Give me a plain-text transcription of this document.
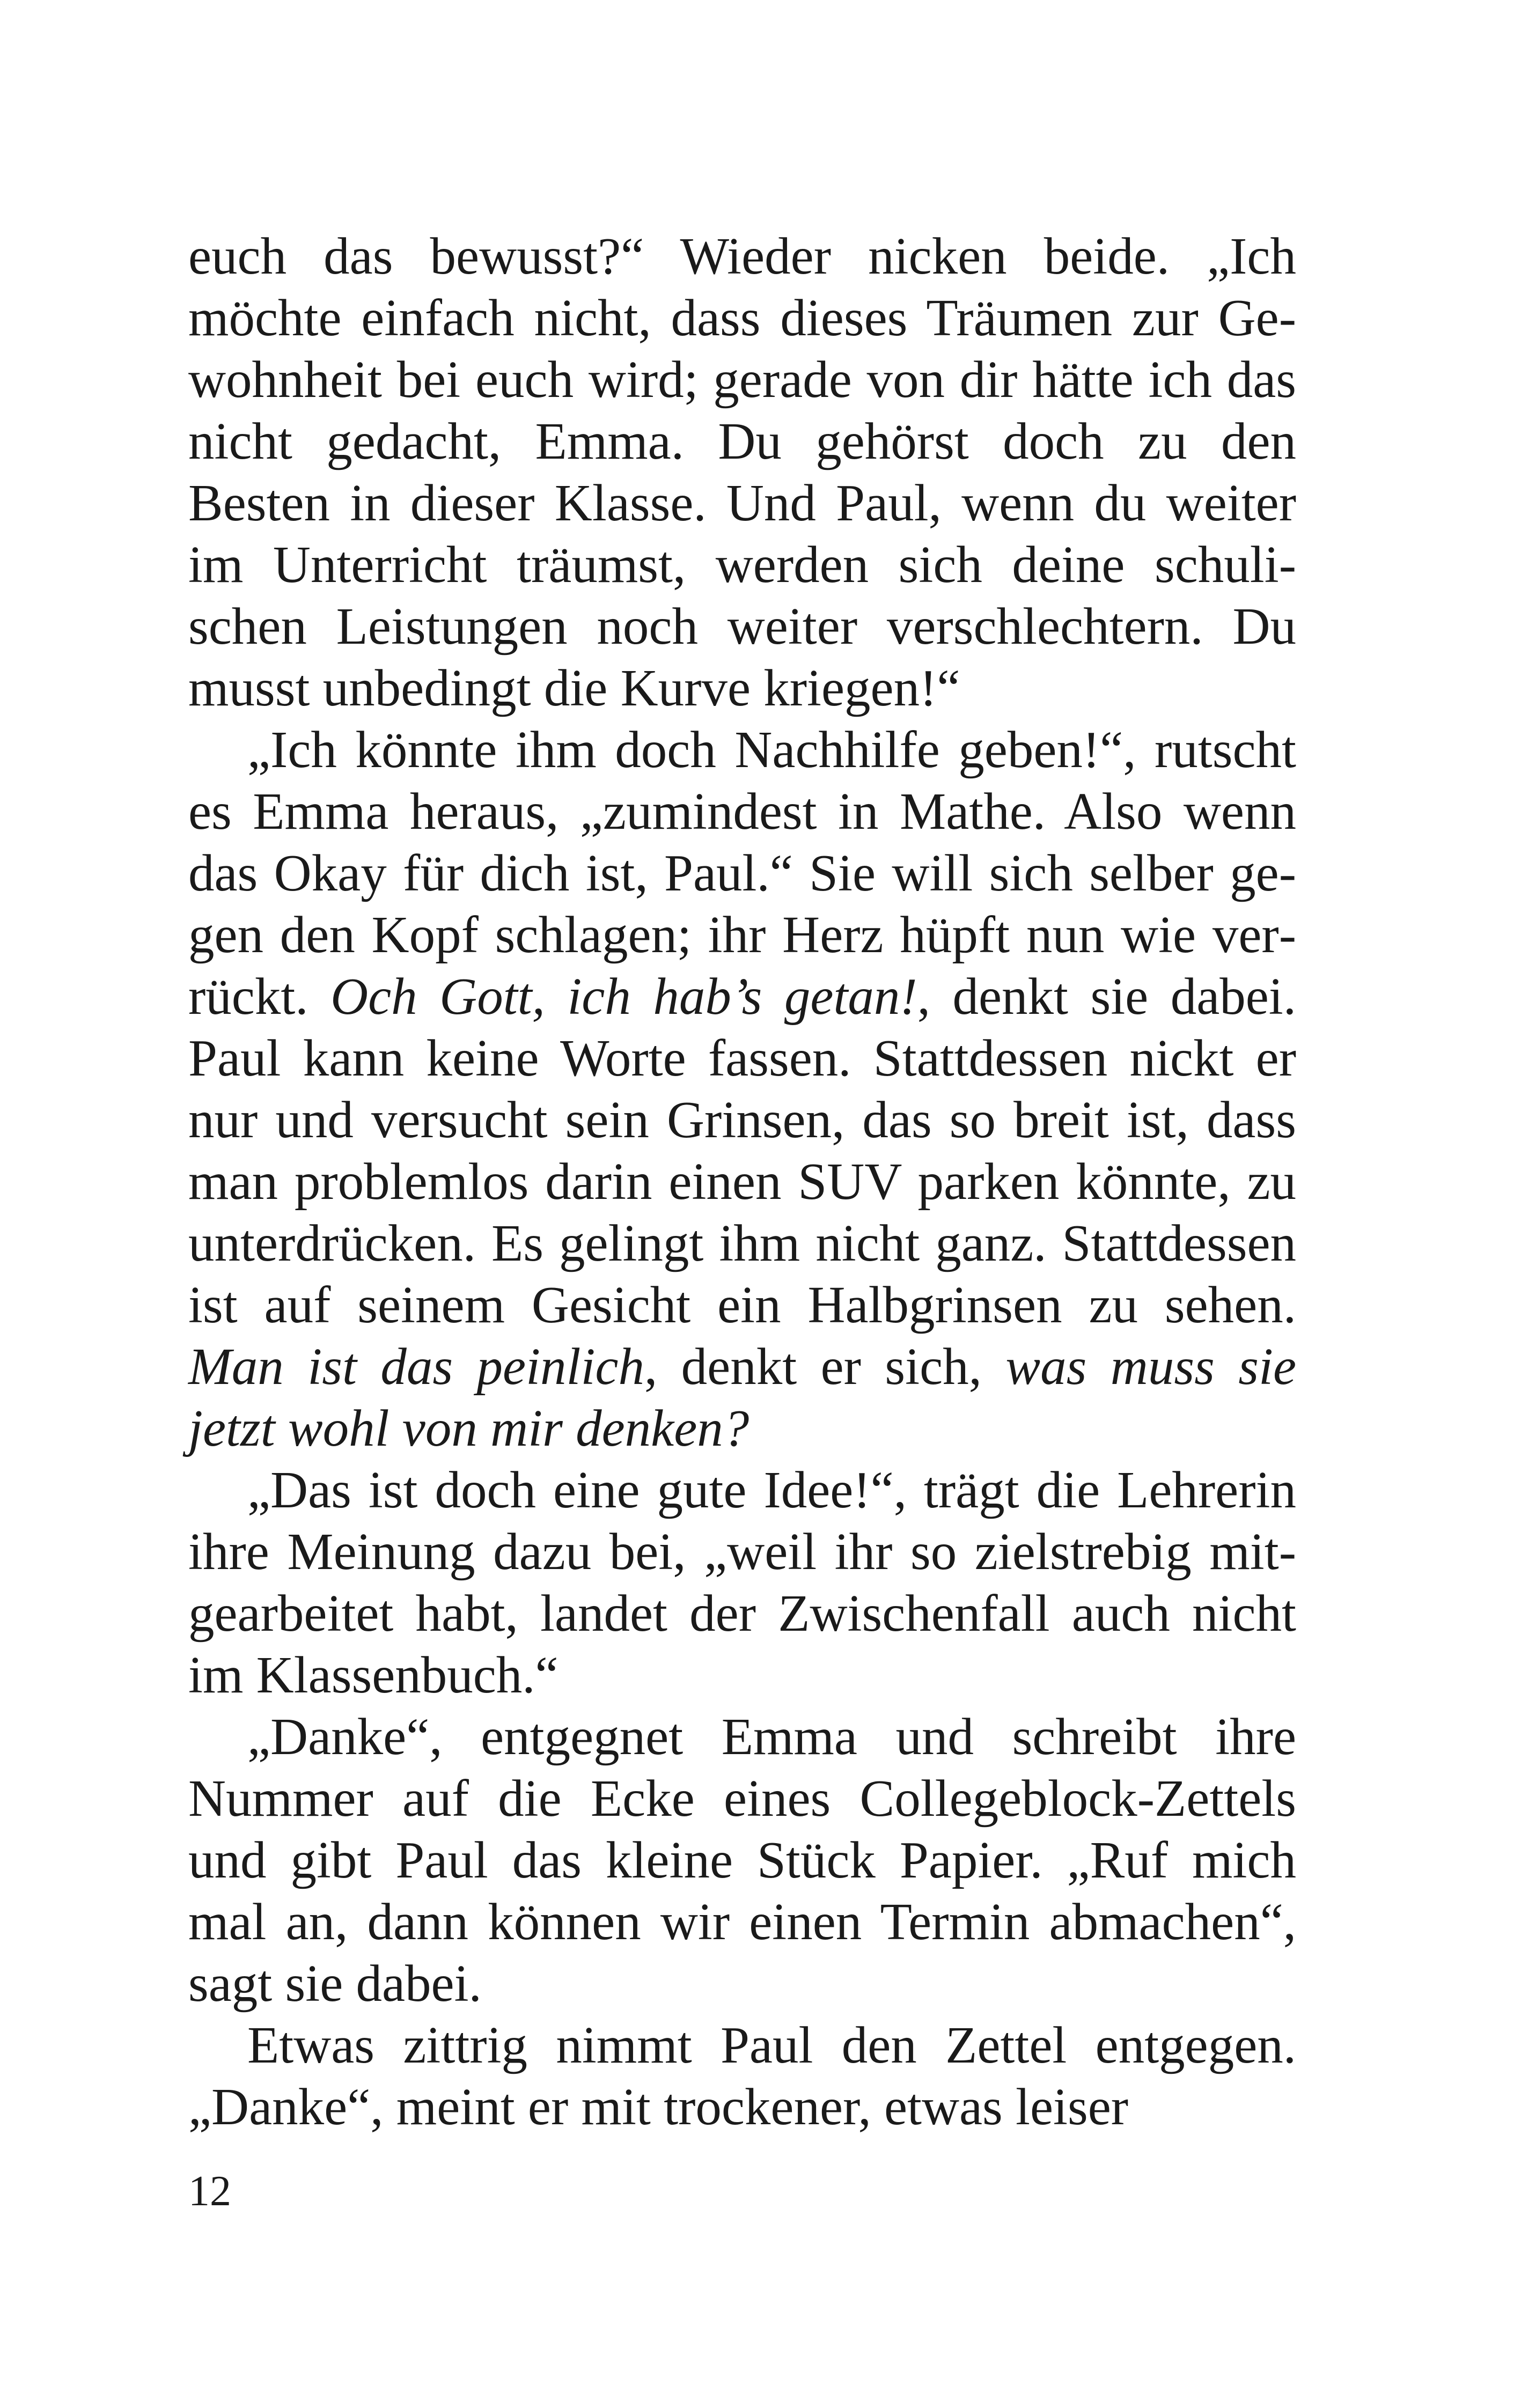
euch das bewusst?“ Wieder nicken beide. „Ich möchte einfach nicht, dass dieses Träumen zur Gewohnheit bei euch wird; gerade von dir hätte ich das nicht gedacht, Emma. Du gehörst doch zu den Besten in dieser Klasse. Und Paul, wenn du weiter im Unterricht träumst, werden sich deine schulischen Leistungen noch weiter verschlechtern. Du musst unbedingt die Kurve kriegen!“

„Ich könnte ihm doch Nachhilfe geben!“, rutscht es Emma heraus, „zumindest in Mathe. Also wenn das Okay für dich ist, Paul.“ Sie will sich selber gegen den Kopf schlagen; ihr Herz hüpft nun wie verrückt. Och Gott, ich hab’s getan!, denkt sie dabei. Paul kann keine Worte fassen. Stattdessen nickt er nur und versucht sein Grinsen, das so breit ist, dass man problemlos darin einen SUV parken könnte, zu unterdrücken. Es gelingt ihm nicht ganz. Stattdessen ist auf seinem Gesicht ein Halbgrinsen zu sehen. Man ist das peinlich, denkt er sich, was muss sie jetzt wohl von mir denken?

„Das ist doch eine gute Idee!“, trägt die Lehrerin ihre Meinung dazu bei, „weil ihr so zielstrebig mitgearbeitet habt, landet der Zwischenfall auch nicht im Klassenbuch.“

„Danke“, entgegnet Emma und schreibt ihre Nummer auf die Ecke eines Collegeblock-Zettels und gibt Paul das kleine Stück Papier. „Ruf mich mal an, dann können wir einen Termin abmachen“, sagt sie dabei.

Etwas zittrig nimmt Paul den Zettel entgegen. „Danke“, meint er mit trockener, etwas leiser

12
